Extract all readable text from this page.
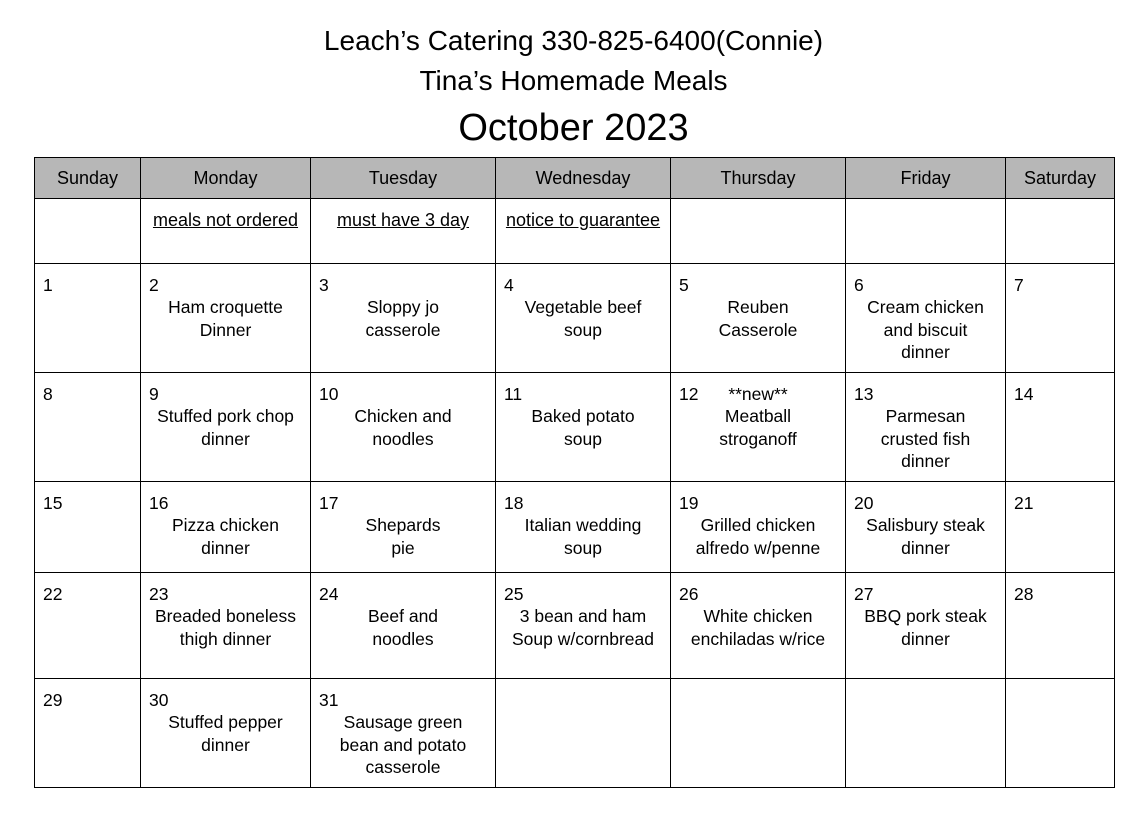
Leach’s Catering 330-825-6400(Connie)
Tina’s Homemade Meals
October 2023
Sunday	Monday	Tuesday	Wednesday	Thursday	Friday	Saturday

	meals not ordered	must have 3 day	notice to guarantee			

1	2
Ham croquette
Dinner	3
Sloppy jo
casserole	4
Vegetable beef
soup	5
Reuben
Casserole	6
Cream chicken
and biscuit
dinner	7

8	9
Stuffed pork chop
dinner	10
Chicken and
noodles	11
Baked potato
soup	12 **new**
Meatball
stroganoff	13
Parmesan
crusted fish
dinner	14

15	16
Pizza chicken
dinner	17
Shepards
pie	18
Italian wedding
soup	19
Grilled chicken
alfredo w/penne	20
Salisbury steak
dinner	21

22	23
Breaded boneless
thigh dinner	24
Beef and
noodles	25
3 bean and ham
Soup w/cornbread	26
White chicken
enchiladas w/rice	27
BBQ pork steak
dinner	28

29	30
Stuffed pepper
dinner	31
Sausage green
bean and potato
casserole				
